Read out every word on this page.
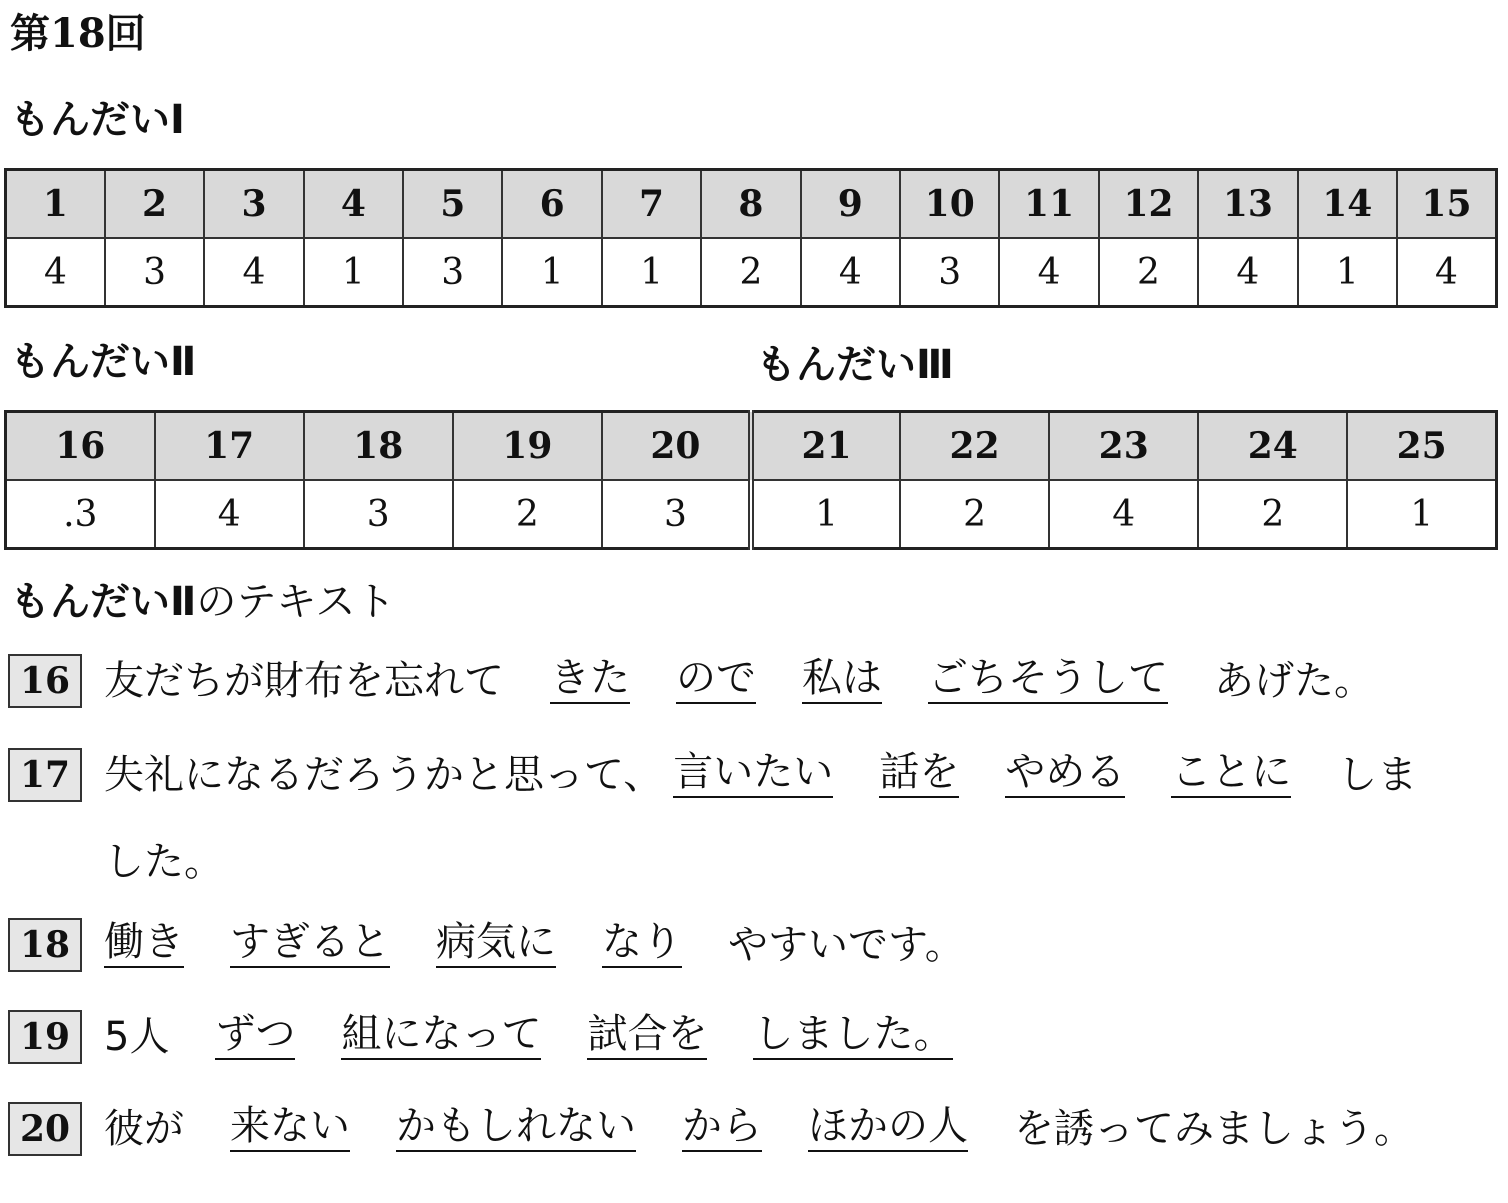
第18回
もんだいⅠ
1	2	3	4	5	6	7	8	9	10	11	12	13	14	15
4	3	4	1	3	1	1	2	4	3	4	2	4	1	4
もんだいⅡ	もんだいⅢ
16	17	18	19	20	21	22	23	24	25
.3	4	3	2	3	1	2	4	2	1
もんだいⅡのテキスト
16 友だちが財布を忘れて きた ので 私は ごちそうして あげた。
17 失礼になるだろうかと思って、 言いたい 話を やめる ことに しま
した。
18 働き すぎると 病気に なり やすいです。
19 5人 ずつ 組になって 試合を しました。
20 彼が 来ない かもしれない から ほかの人 を誘ってみましょう。
